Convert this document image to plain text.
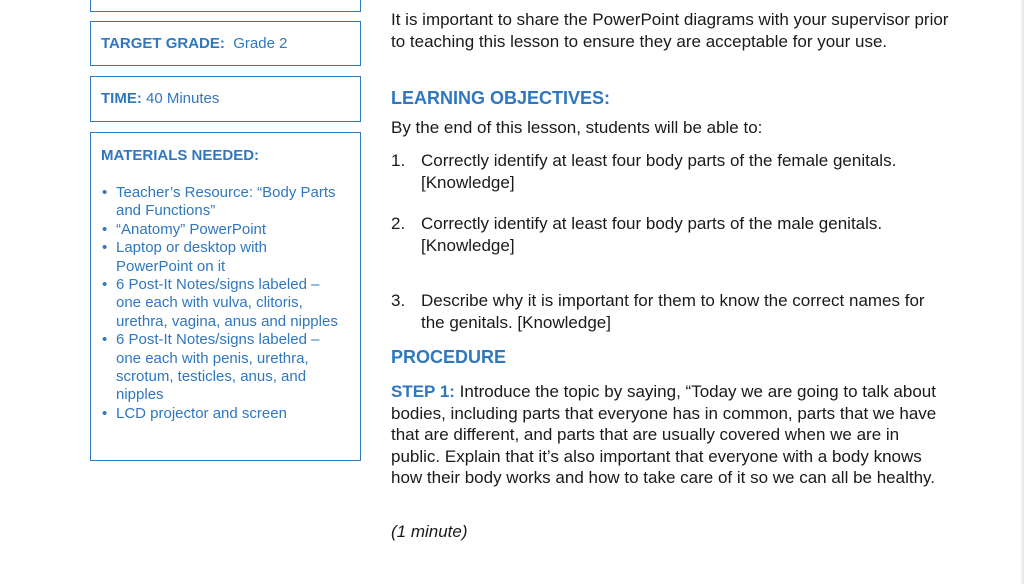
TARGET GRADE: Grade 2
TIME: 40 Minutes
MATERIALS NEEDED:
• Teacher’s Resource: “Body Parts and Functions”
• “Anatomy” PowerPoint
• Laptop or desktop with PowerPoint on it
• 6 Post-It Notes/signs labeled – one each with vulva, clitoris, urethra, vagina, anus and nipples
• 6 Post-It Notes/signs labeled – one each with penis, urethra, scrotum, testicles, anus, and nipples
• LCD projector and screen

It is important to share the PowerPoint diagrams with your supervisor prior to teaching this lesson to ensure they are acceptable for your use.

LEARNING OBJECTIVES:

By the end of this lesson, students will be able to:

1. Correctly identify at least four body parts of the female genitals. [Knowledge]
2. Correctly identify at least four body parts of the male genitals. [Knowledge]
3. Describe why it is important for them to know the correct names for the genitals. [Knowledge]
PROCEDURE

STEP 1: Introduce the topic by saying, “Today we are going to talk about bodies, including parts that everyone has in common, parts that we have that are different, and parts that are usually covered when we are in public. Explain that it’s also important that everyone with a body knows how their body works and how to take care of it so we can all be healthy.

(1 minute)
